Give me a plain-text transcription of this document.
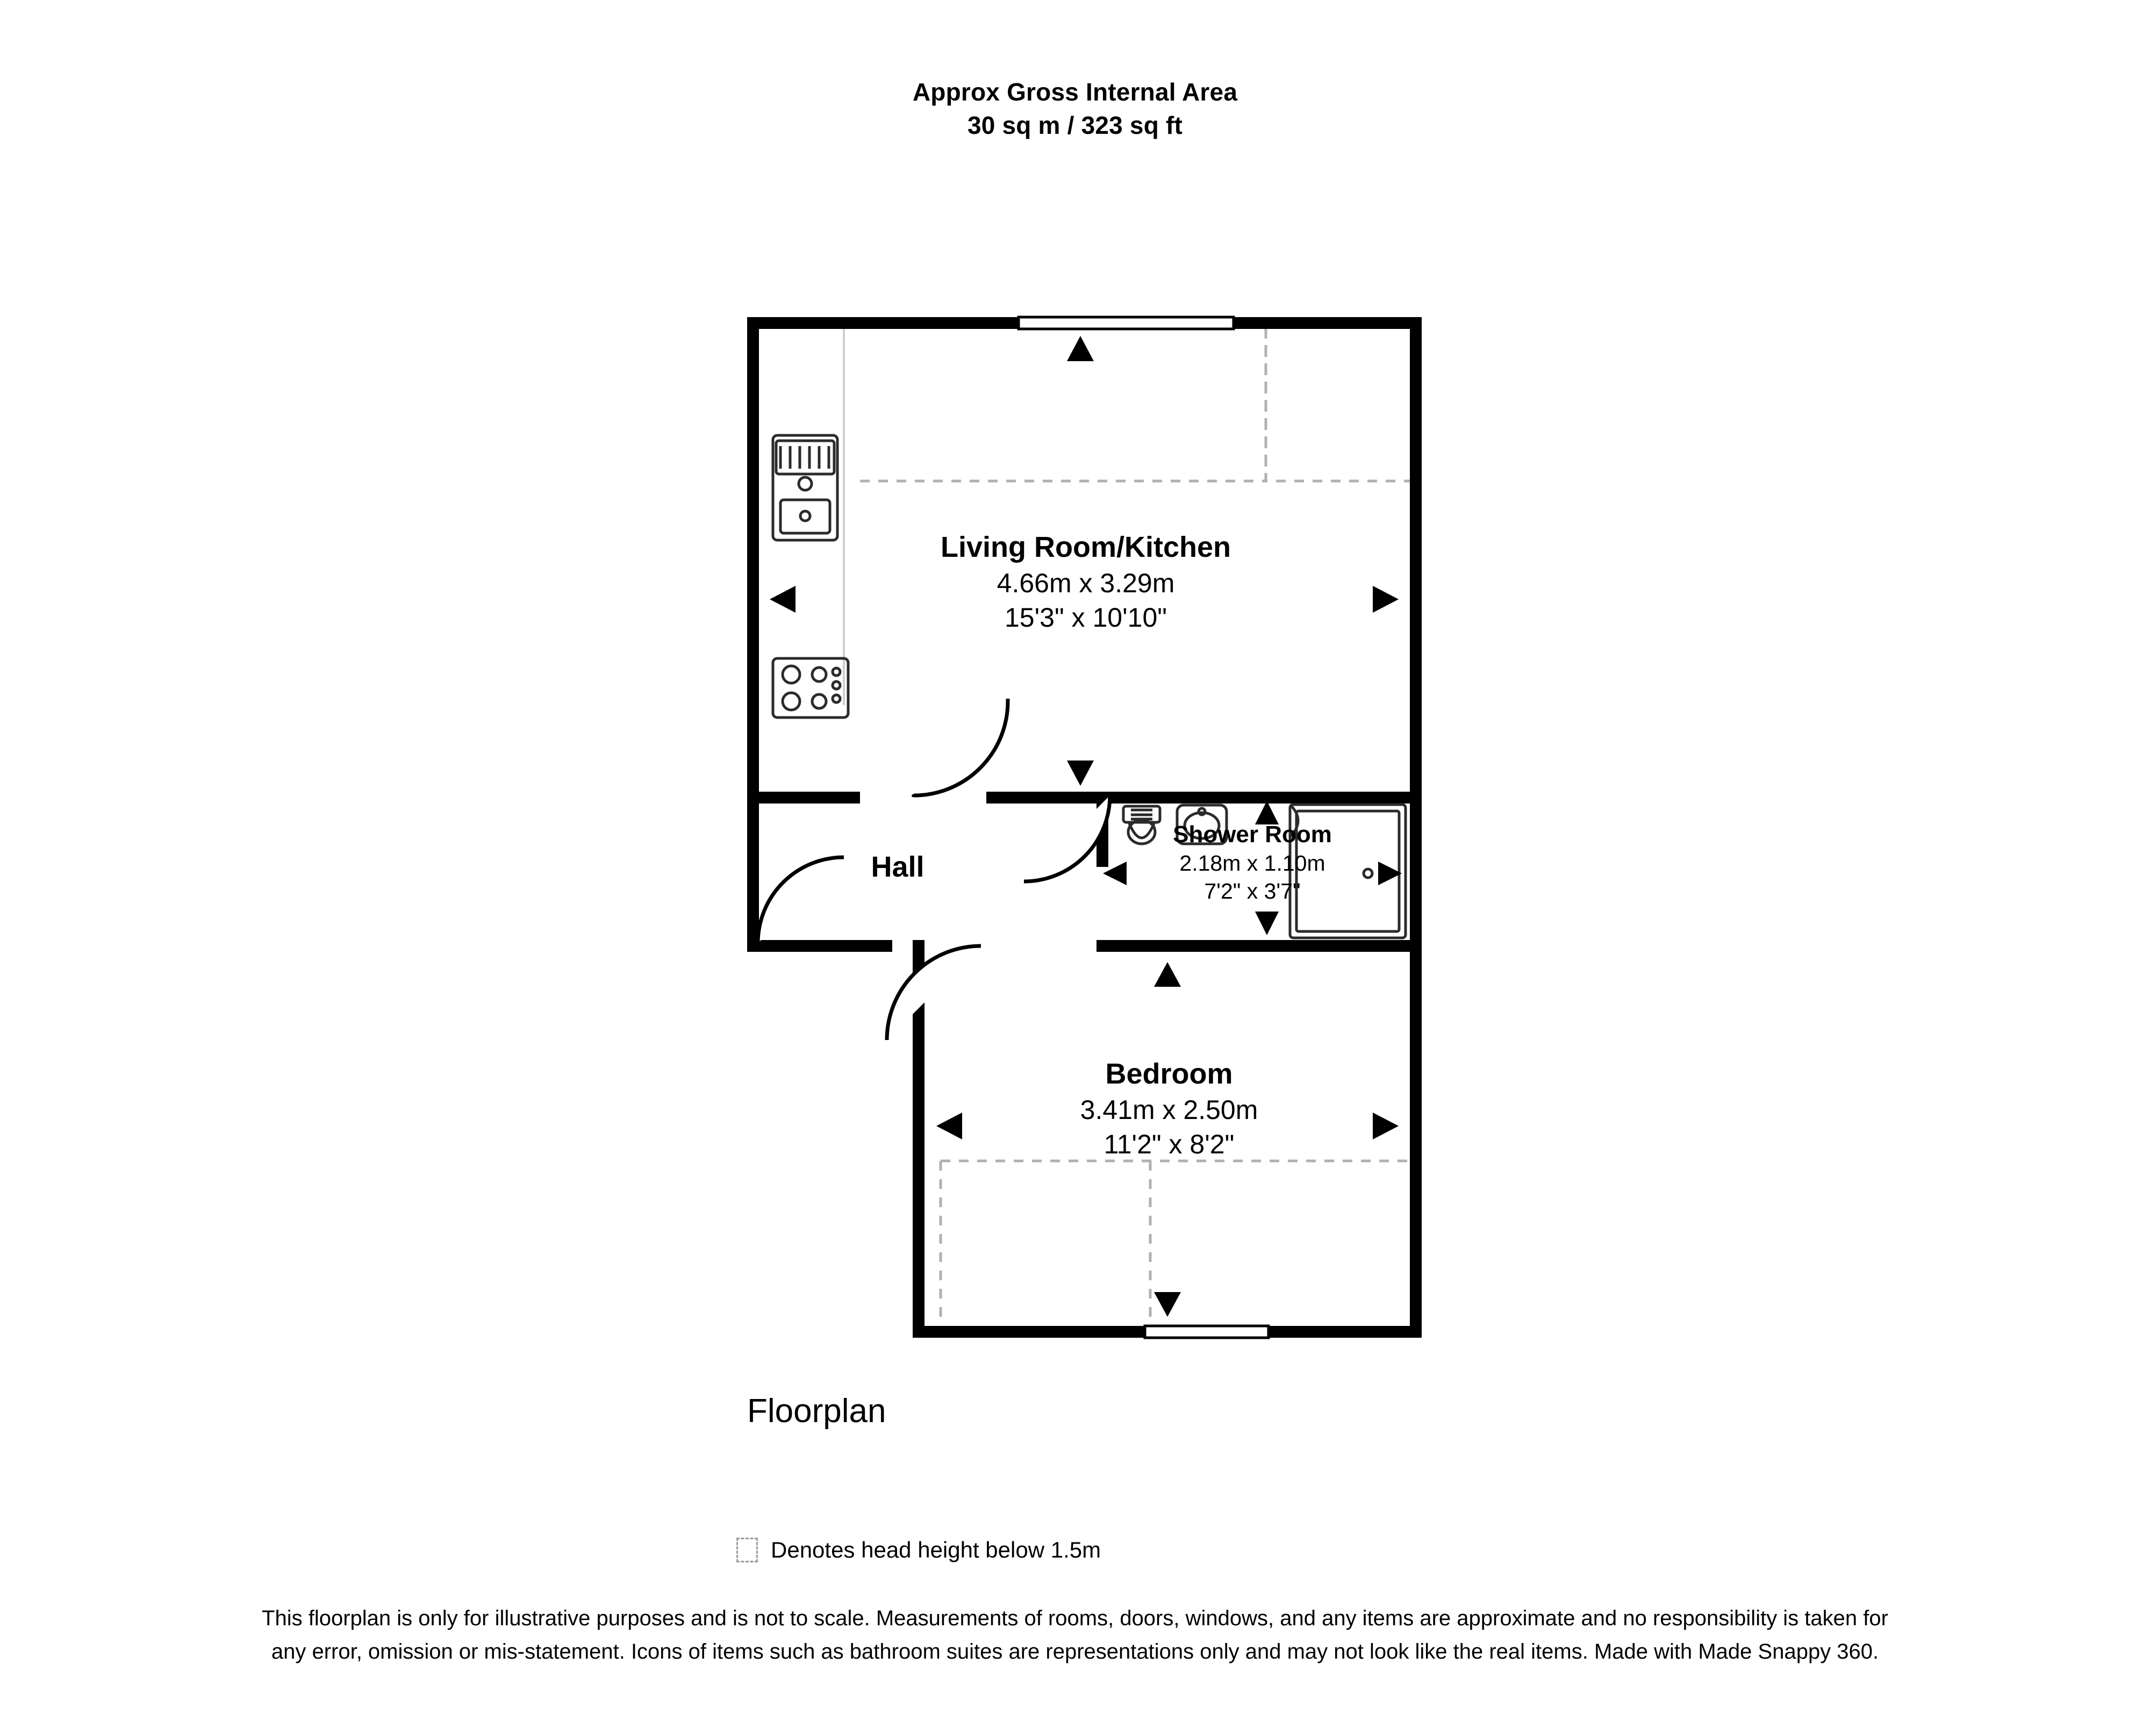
Approx Gross Internal Area
30 sq m / 323 sq ft
Living Room/Kitchen
4.66m x 3.29m
15'3" x 10'10"
Shower Room
2.18m x 1.10m
7'2" x 3'7"
Bedroom
3.41m x 2.50m
11'2" x 8'2"
Hall
Floorplan
Denotes head height below 1.5m
This floorplan is only for illustrative purposes and is not to scale. Measurements of rooms, doors, windows, and any items are approximate and no responsibility is taken for any error, omission or mis-statement. Icons of items such as bathroom suites are representations only and may not look like the real items. Made with Made Snappy 360.
